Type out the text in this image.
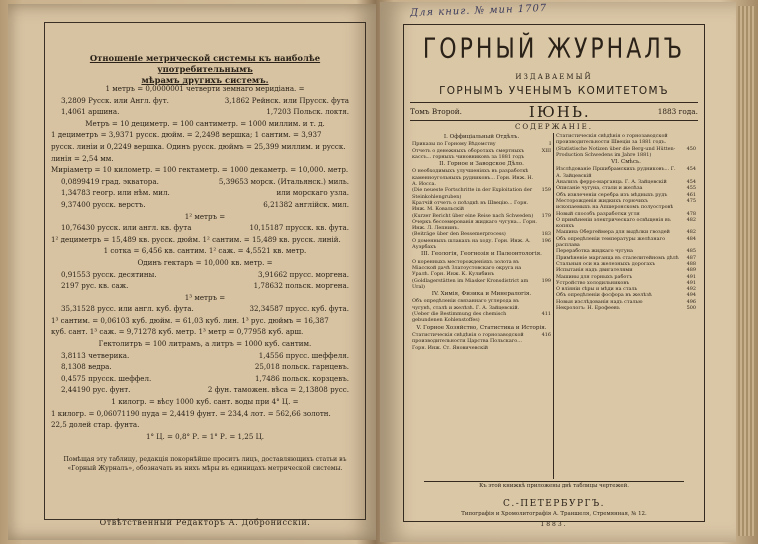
Для книг. № мин 1707
Отношеніе метрической системы къ наиболѣе употребительнымъ
мѣрамъ другихъ системъ.
1 метръ = 0,0000001 четверти земнаго меридіана. =
3,2809 Русск. или Англ. фут.	3,1862 Рейнск. или Прусск. фута
1,4061 аршина.	1,7203 Польск. локтя.
Метръ = 10 дециметр. = 100 сантиметр. = 1000 миллим. и т. д.
1 дециметръ = 3,9371 русск. дюйм. = 2,2498 вершка; 1 сантим. = 3,937
русск. линіи и 0,2249 вершка. Одинъ русск. дюймъ = 25,399 миллим. и русск.
линія = 2,54 мм.
Миріаметр = 10 километр. = 100 гектаметр. = 1000 декаметр. = 10,000. метр.
0,0899419 град. экватора.	5,39653 морск. (Итальянск.) миль.
1,34783 геогр. или нѣм. мил.	или морскаго узла.
9,37400 русск. верстъ.	6,21382 англійск. мил.
1² метръ =
10,76430 русск. или англ. кв. фута	10,15187 прусск. кв. фута.
1² дециметръ = 15,489 кв. русск. дюйм. 1² сантим. = 15,489 кв. русск. линій.
1 сотка = 6,456 кв. сантим. 1² саж. = 4,5521 кв. метр.
Одинъ гектаръ = 10,000 кв. метр. =
0,91553 русск. десятины.	3,91662 прусс. моргена.
2197 рус. кв. саж.	1,78632 польск. моргена.
1³ метръ =
35,31528 русс. или англ. куб. фута.	32,34587 прусс. куб. фута.
1³ сантим. = 0,06103 куб. дюйм. = 61,03 куб. лин. 1³ рус. дюймъ = 16,387
куб. сант. 1³ саж. = 9,71278 куб. метр. 1³ метр = 0,77958 куб. арш.
Гектолитръ = 100 литрамъ, а литръ = 1000 куб. сантим.
3,8113 четверика.	1,4556 прусс. шеффеля.
8,1308 ведра.	25,018 польск. гарнцевъ.
0,4575 прусск. шеффел.	1,7486 польск. корзцевъ.
2,44190 рус. фунт.	2 фун. таможен. вѣса = 2,13808 русс.
1 килогр. = вѣсу 1000 куб. сант. воды при 4° Ц. =
1 килогр. = 0,06071190 пуда = 2,4419 фунт. = 234,4 лот. = 562,66 золотн.
22,5 долей стар. фунта.
1° Ц. = 0,8° Р. = 1° Р. = 1,25 Ц.
Помѣщая эту таблицу, редакція покорнѣйше проситъ лицъ, доставляющихъ статьи въ «Горный Журналъ», обозначать въ нихъ мѣры въ единицахъ метрической системы.
Отвѣтственный Редакторъ А. Добронисскій.
ГОРНЫЙ ЖУРНАЛЪ
ИЗДАВАЕМЫЙ
ГОРНЫМЪ УЧЕНЫМЪ КОМИТЕТОМЪ
Томъ Второй.	ІЮНЬ.	1883 года.
СОДЕРЖАНІЕ.
I. Оффиціальный Отдѣлъ.
Приказы по Горному Вѣдомству	I
Отчетъ о денежныхъ оборотахъ смертныхъ кассъ... горныхъ чиновниковъ за 1881 годъ
XIII
II. Горное и Заводское Дѣло.
О необходимыхъ улучшеніяхъ въ разработкѣ каменноугольныхъ рудниковъ... Горн. Инж. Н. А. Иосса.
(Die neueste Fortschritte in der Exploitation der Steinkohlengruben)
159
Кратчій отчетъ о поѣздкѣ въ Швецію... Горн. Инж. М. Ковальскій
(Kurzer Bericht über eine Reise nach Schweden)	179
Очеркъ бессемерованія жидкаго чугуна... Горн. Инж. Л. Лепнинъ.
(Beiträge über den Bessemerprocess)	183
О доменныхъ шлакахъ на ходу. Горн. Инж. А. Ауэрбахъ
196
III. Геологія, Геогнозія и Палеонтологія.
О коренныхъ месторожденіяхъ золота въ Міасской дачѣ Златоустовскаго округа на Уралѣ. Горн. Инж. К. Кулибинъ
(Goldlagerstätten im Miasker Kronsdistrict am Ural)
199
IV. Химія, Физика и Минералогія.
Объ опредѣленіи связаннаго углерода въ чугунѣ, сталѣ и желѣзѣ. Г. А. Зайцевскій.
(Ueber die Bestimmung des chemisch gebundenen Kohlenstoffes)
411
V. Горное Хозяйство, Статистика и Исторія.
Статистическія свѣдѣнія о горнозаводской производительности Царства Польскаго... Горн. Инж. Ст. Яновичевскій
416
Статистическія свѣдѣнія о горнозаводской производительности Швеціи за 1881 годъ.
(Statistische Notizen über die Berg-und Hütten-Production Schwedens im Jahre 1881)
450
VI. Смѣсь.
Изслѣдованіе Пршибрамскихъ рудниковъ... Г. А. Зайцевскій
454
Анализъ ферро-марганца. Г. А. Зайцевскій	454
Описаніе чугуна, стали и желѣза	455
Объ извлеченіи серебра изъ мѣдныхъ рудъ	461
Месторожденія жидкихъ горючихъ ископаемыхъ на Апшеронскомъ полуостровѣ
475
Новый способъ разработки угля	478
О примѣненіи электрическаго освѣщенія въ копяхъ
482
Машина Обергеймера для выдѣлки гвоздей	482
Объ опредѣленіи температуры желѣзнаго расплава
484
Переработка жидкаго чугуна	485
Примѣненіе марганца въ сталелитейномъ дѣлѣ	487
Стальныя оси на железныхъ дорогахъ	488
Испытанія надъ двигателями	489
Машины для горныхъ работъ	491
Устройство холодильниковъ	491
О вліяніи сѣры и мѣди на сталь	492
Объ опредѣленіи фосфора въ желѣзѣ	494
Новыя изслѣдованія надъ сталью	496
Некрологъ: Н. Ерофеевъ	500
Къ этой книжкѣ приложены двѣ таблицы чертежей.
С.-ПЕТЕРБУРГЪ.
Типографія и Хромолитографія А. Траншеля, Стремянная, № 12.
1883.
